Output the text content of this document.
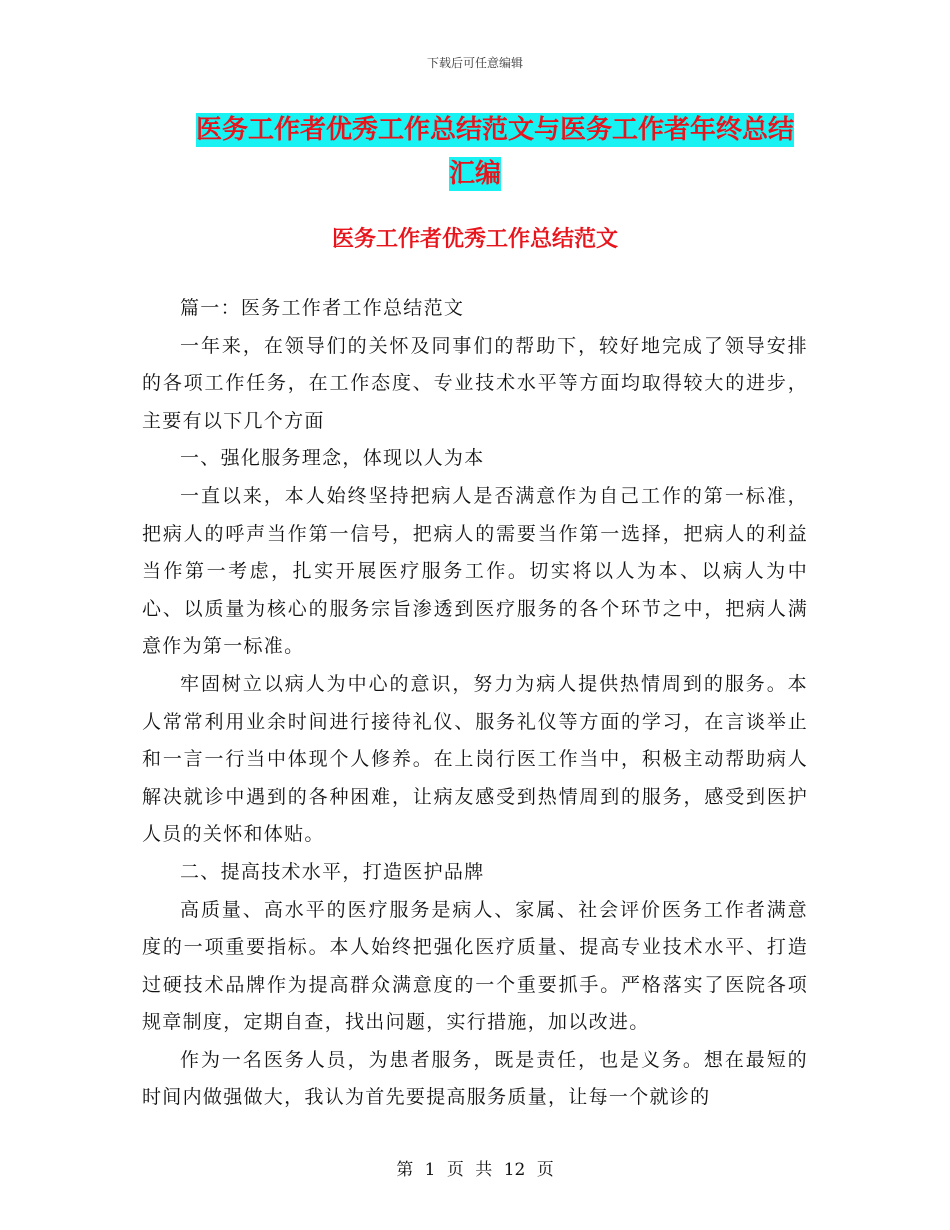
下载后可任意编辑
医务工作者优秀工作总结范文与医务工作者年终总结
汇编
医务工作者优秀工作总结范文

篇一：医务工作者工作总结范文

一年来，在领导们的关怀及同事们的帮助下，较好地完成了领导安排的各项工作任务，在工作态度、专业技术水平等方面均取得较大的进步，主要有以下几个方面

一、强化服务理念，体现以人为本

一直以来，本人始终坚持把病人是否满意作为自己工作的第一标准，把病人的呼声当作第一信号，把病人的需要当作第一选择，把病人的利益当作第一考虑，扎实开展医疗服务工作。切实将以人为本、以病人为中心、以质量为核心的服务宗旨渗透到医疗服务的各个环节之中，把病人满意作为第一标准。

牢固树立以病人为中心的意识，努力为病人提供热情周到的服务。本人常常利用业余时间进行接待礼仪、服务礼仪等方面的学习，在言谈举止和一言一行当中体现个人修养。在上岗行医工作当中，积极主动帮助病人解决就诊中遇到的各种困难，让病友感受到热情周到的服务，感受到医护人员的关怀和体贴。

二、提高技术水平，打造医护品牌

高质量、高水平的医疗服务是病人、家属、社会评价医务工作者满意度的一项重要指标。本人始终把强化医疗质量、提高专业技术水平、打造过硬技术品牌作为提高群众满意度的一个重要抓手。严格落实了医院各项规章制度，定期自查，找出问题，实行措施，加以改进。

作为一名医务人员，为患者服务，既是责任，也是义务。想在最短的时间内做强做大，我认为首先要提高服务质量，让每一个就诊的

第 1 页 共 12 页
